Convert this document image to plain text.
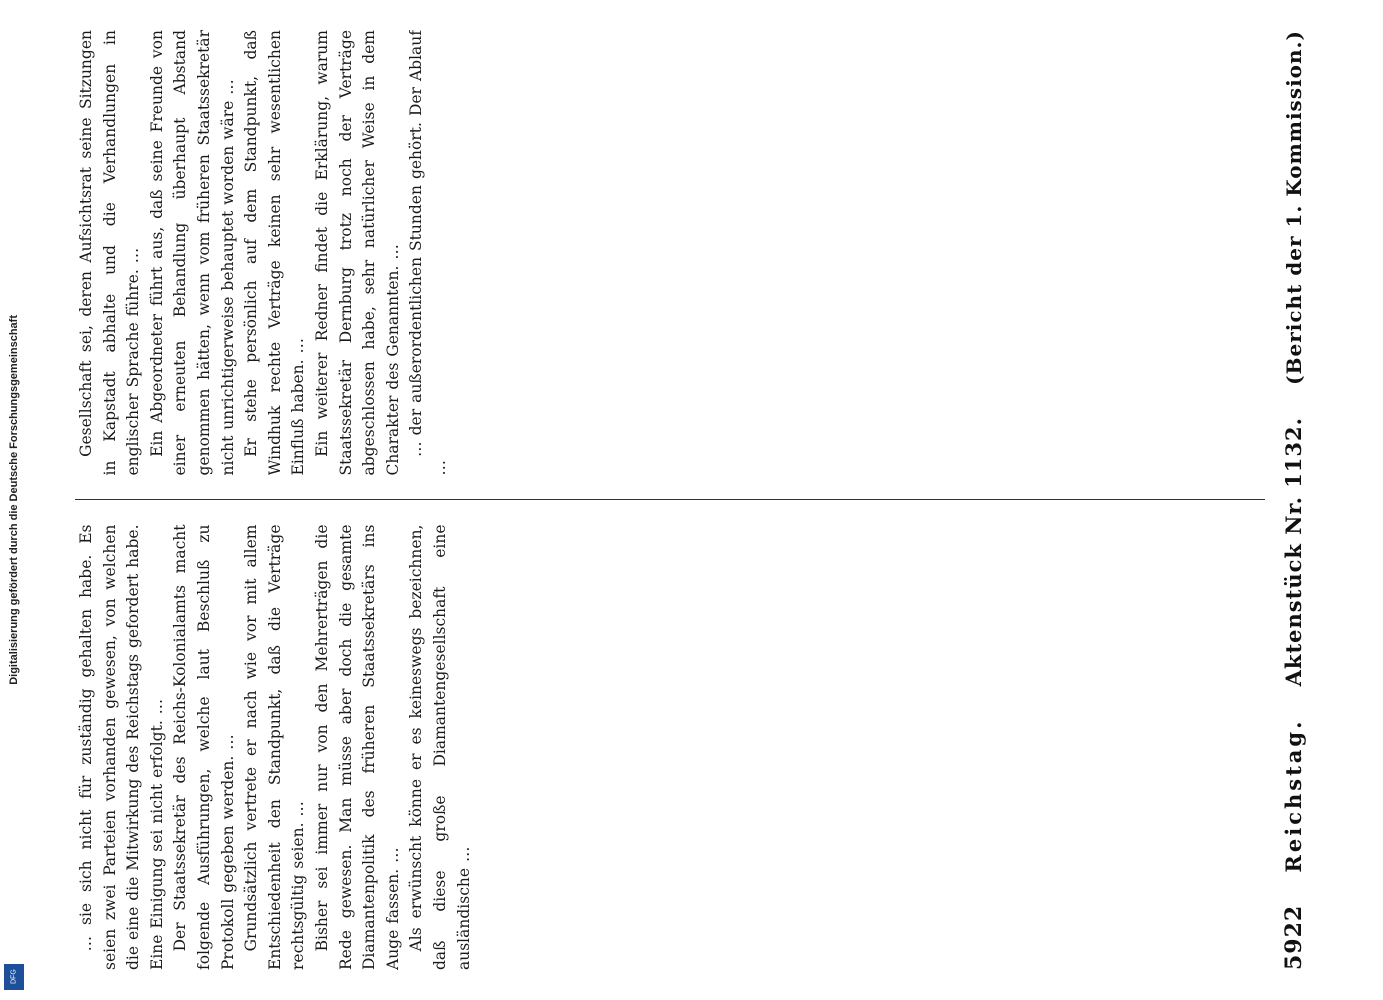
Digitalisierung gefördert durch die Deutsche Forschungsgemeinschaft
DFG
5922
Reichstag.
Aktenstück Nr. 1132.
(Bericht der 1. Kommission.)

… sie sich nicht für zuständig gehalten habe. Es seien zwei Parteien vorhanden gewesen, von welchen die eine die Mitwirkung des Reichstags gefordert habe. Eine Einigung sei nicht erfolgt. … Der Staatssekretär des Reichs-Kolonialamts macht folgende Ausführungen, welche laut Beschluß zu Protokoll gegeben werden. … Grundsätzlich vertrete er nach wie vor mit allem Entschiedenheit den Standpunkt, daß die Verträge rechtsgültig seien. … Bisher sei immer nur von den Mehrerträgen die Rede gewesen. Man müsse aber doch die gesamte Diamantenpolitik des früheren Staatssekretärs ins Auge fassen. … Als erwünscht könne er es keineswegs bezeichnen, daß diese große Diamantengesellschaft eine ausländische …

Gesellschaft sei, deren Aufsichtsrat seine Sitzungen in Kapstadt abhalte und die Verhandlungen in englischer Sprache führe. … Ein Abgeordneter führt aus, daß seine Freunde von einer erneuten Behandlung überhaupt Abstand genommen hätten, wenn vom früheren Staatssekretär nicht unrichtigerweise behauptet worden wäre … Er stehe persönlich auf dem Standpunkt, daß Windhuk rechte Verträge keinen sehr wesentlichen Einfluß haben. … Ein weiterer Redner findet die Erklärung, warum Staatssekretär Dernburg trotz noch der Verträge abgeschlossen habe, sehr natürlicher Weise in dem Charakter des Genannten. … … der außerordentlichen Stunden gehört. Der Ablauf …
